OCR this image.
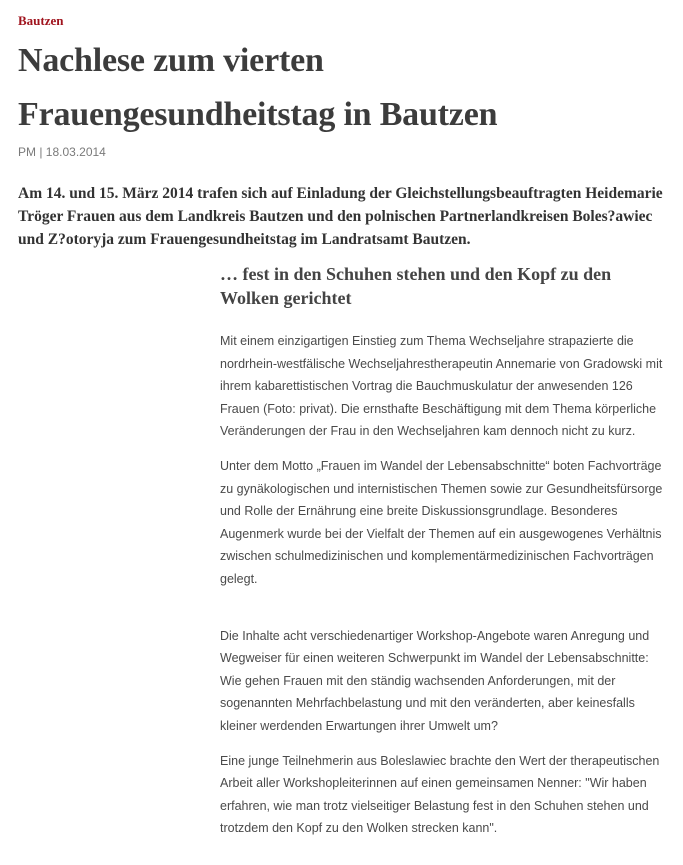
Bautzen
Nachlese zum vierten
Frauengesundheitstag in Bautzen
PM | 18.03.2014
Am 14. und 15. März 2014 trafen sich auf Einladung der Gleichstellungsbeauftragten Heidemarie Tröger Frauen aus dem Landkreis Bautzen und den polnischen Partnerlandkreisen Boles?awiec und Z?otoryja zum Frauengesundheitstag im Landratsamt Bautzen.
… fest in den Schuhen stehen und den Kopf zu den Wolken gerichtet

Mit einem einzigartigen Einstieg zum Thema Wechseljahre strapazierte die nordrhein-westfälische Wechseljahrestherapeutin Annemarie von Gradowski mit ihrem kabarettistischen Vortrag die Bauchmuskulatur der anwesenden 126 Frauen (Foto: privat). Die ernsthafte Beschäftigung mit dem Thema körperliche Veränderungen der Frau in den Wechseljahren kam dennoch nicht zu kurz.

Unter dem Motto „Frauen im Wandel der Lebensabschnitte“ boten Fachvorträge zu gynäkologischen und internistischen Themen sowie zur Gesundheitsfürsorge und Rolle der Ernährung eine breite Diskussionsgrundlage. Besonderes Augenmerk wurde bei der Vielfalt der Themen auf ein ausgewogenes Verhältnis zwischen schulmedizinischen und komplementärmedizinischen Fachvorträgen gelegt.

Die Inhalte acht verschiedenartiger Workshop-Angebote waren Anregung und Wegweiser für einen weiteren Schwerpunkt im Wandel der Lebensabschnitte: Wie gehen Frauen mit den ständig wachsenden Anforderungen, mit der sogenannten Mehrfachbelastung und mit den veränderten, aber keinesfalls kleiner werdenden Erwartungen ihrer Umwelt um?

Eine junge Teilnehmerin aus Boleslawiec brachte den Wert der therapeutischen Arbeit aller Workshopleiterinnen auf einen gemeinsamen Nenner: "Wir haben erfahren, wie man trotz vielseitiger Belastung fest in den Schuhen stehen und trotzdem den Kopf zu den Wolken strecken kann".
